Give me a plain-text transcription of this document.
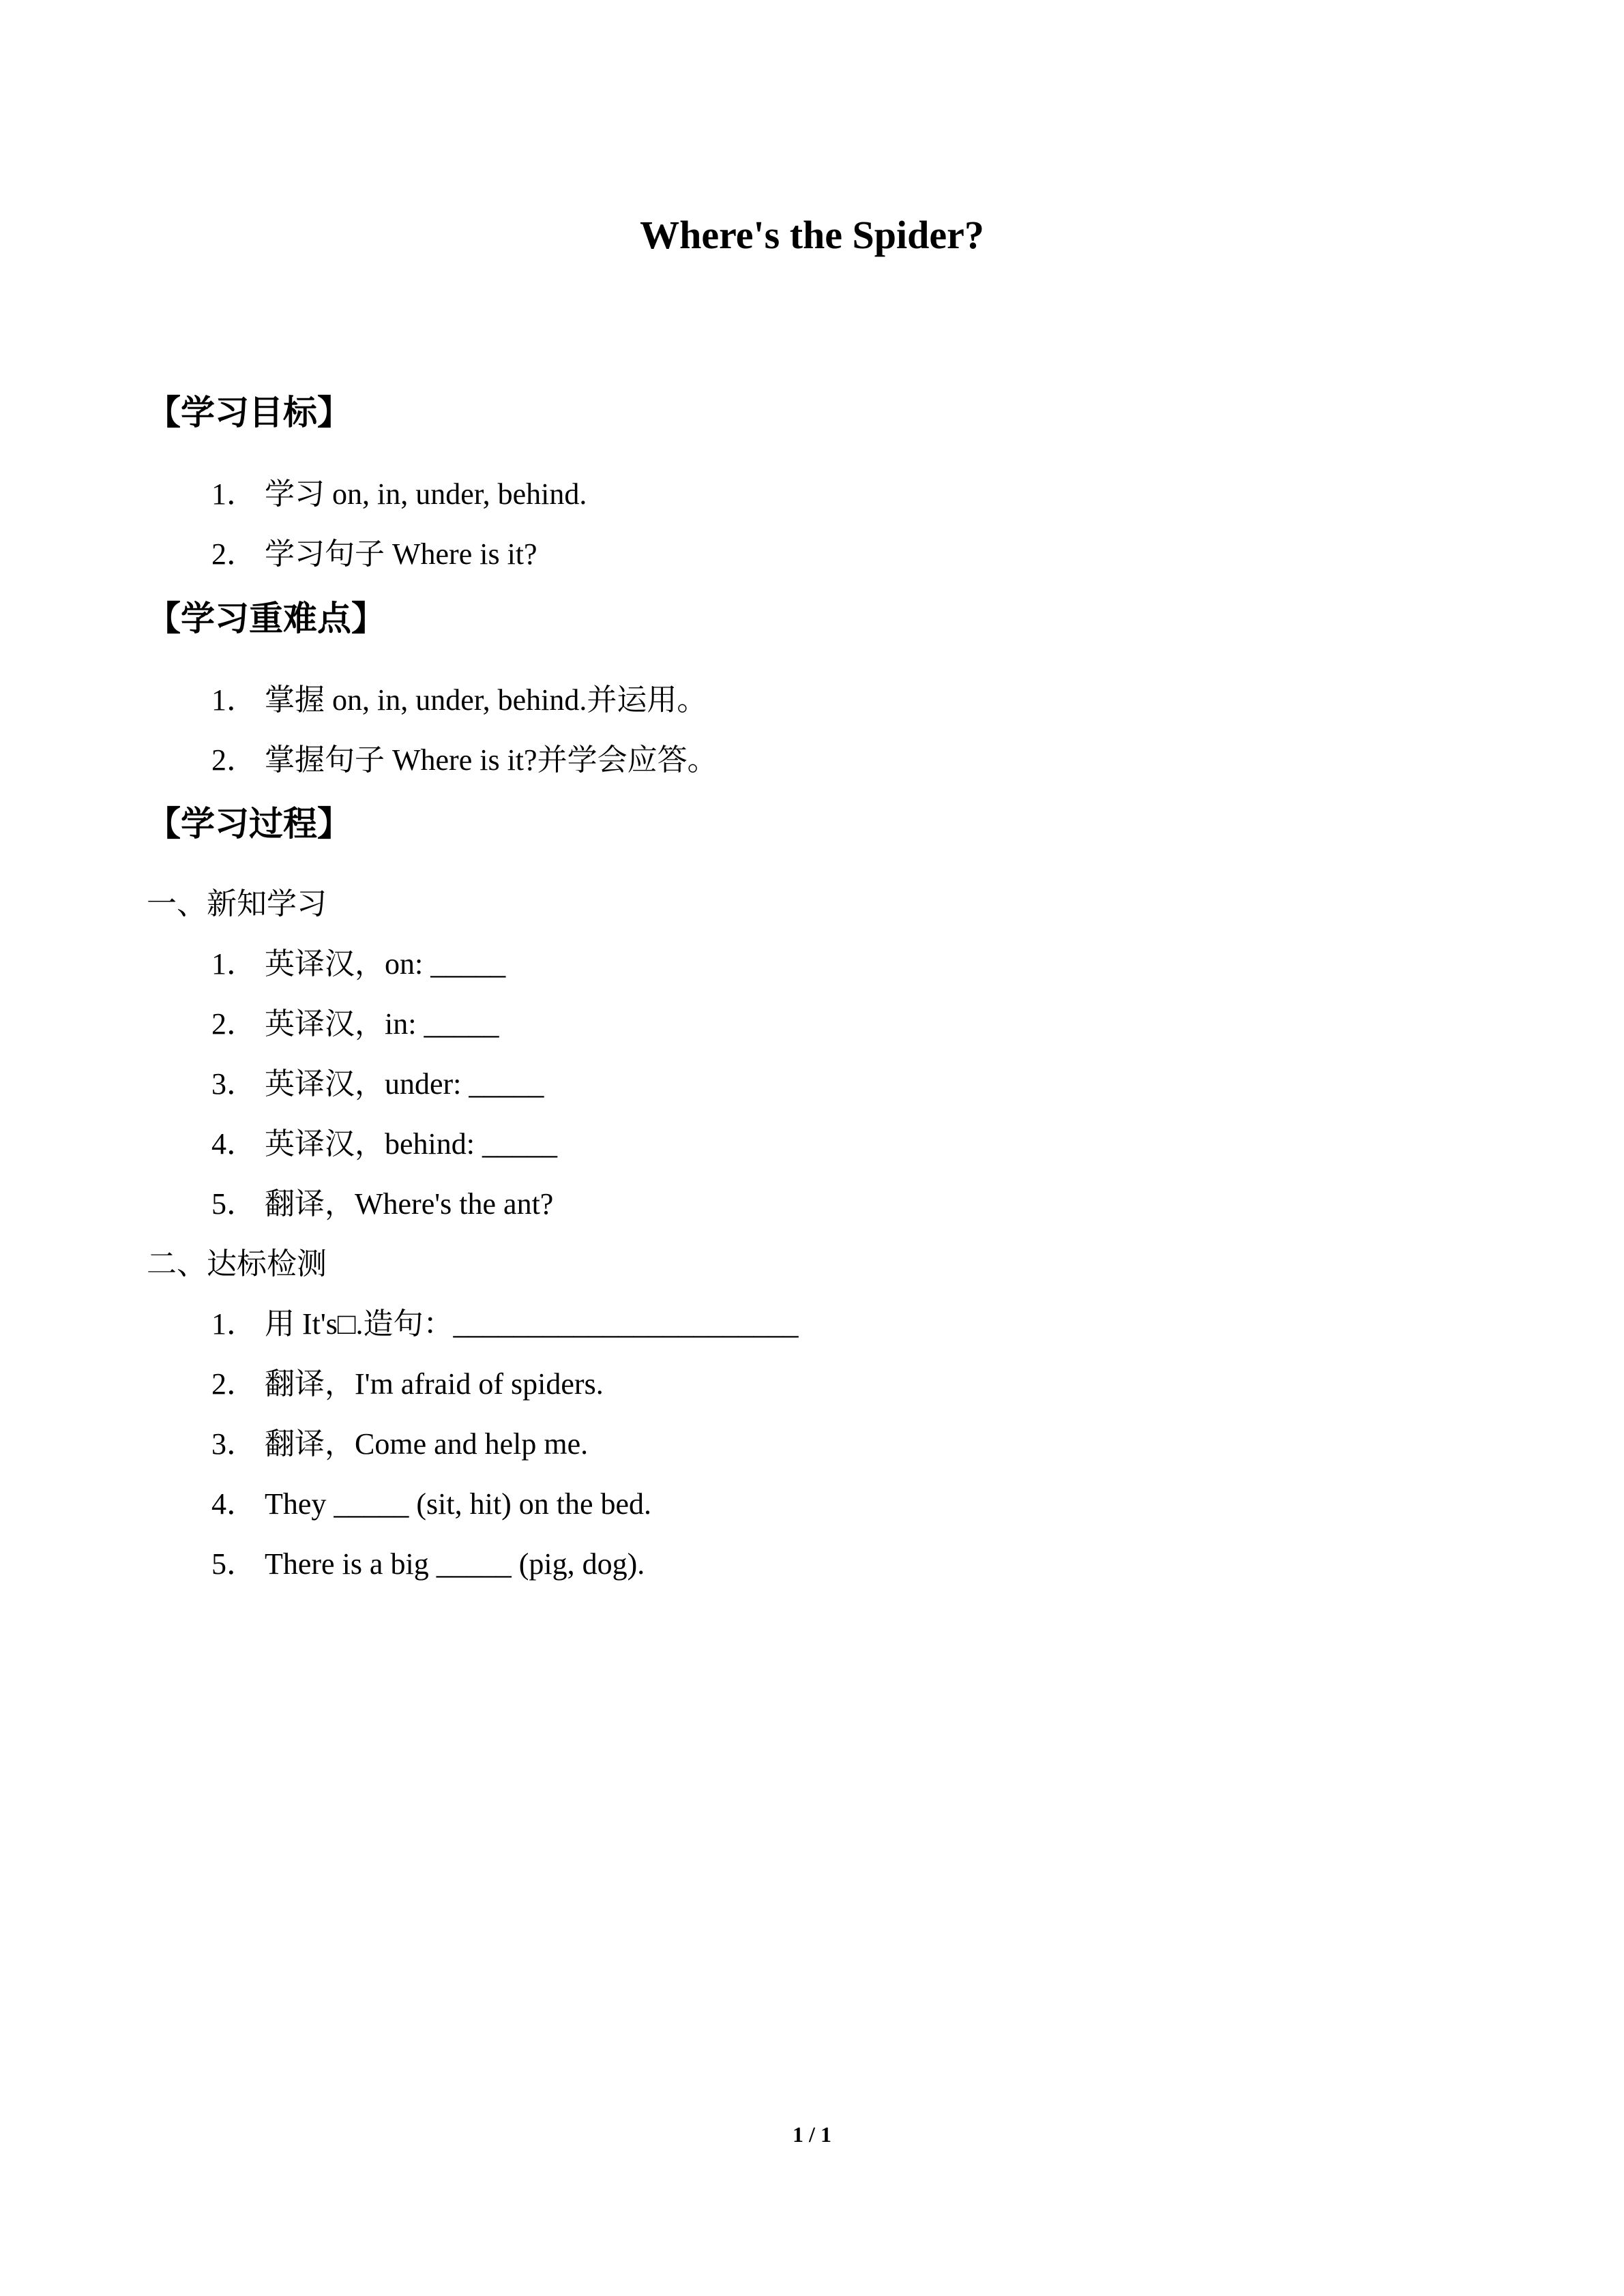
Where's the Spider?
【学习目标】
1． 学习 on, in, under, behind.
2． 学习句子 Where is it?
【学习重难点】
1． 掌握 on, in, under, behind.并运用。
2． 掌握句子 Where is it?并学会应答。
【学习过程】
一、新知学习
1． 英译汉，on: _____
2． 英译汉，in: _____
3． 英译汉，under: _____
4． 英译汉，behind: _____
5． 翻译，Where's the ant?
二、达标检测
1． 用 It's□.造句：_______________________
2． 翻译，I'm afraid of spiders.
3． 翻译，Come and help me.
4． They _____ (sit, hit) on the bed.
5． There is a big _____ (pig, dog).
1 / 1
